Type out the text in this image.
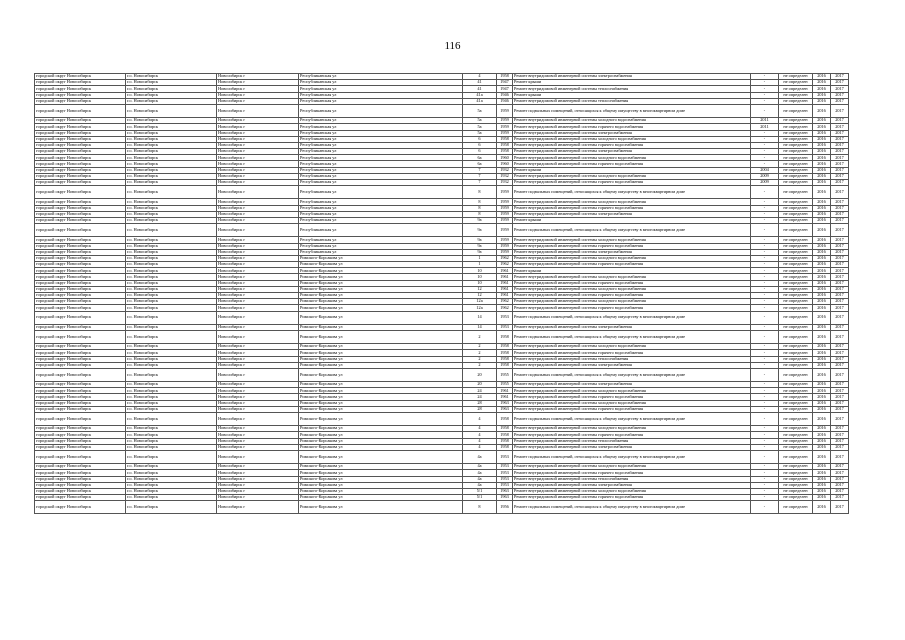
116
городской округ Новосибирск	г.о. Новосибирск	Новосибирск г	Республиканская ул	4	1958	Ремонт внутридомовой инженерной системы электроснабжения	-	не определен	2016	2017
городской округ Новосибирск	г.о. Новосибирск	Новосибирск г	Республиканская ул	41	1947	Ремонт крыши	-	не определен	2016	2017
городской округ Новосибирск	г.о. Новосибирск	Новосибирск г	Республиканская ул	41	1947	Ремонт внутридомовой инженерной системы теплоснабжения	-	не определен	2016	2017
городской округ Новосибирск	г.о. Новосибирск	Новосибирск г	Республиканская ул	41а	1946	Ремонт крыши	-	не определен	2016	2017
городской округ Новосибирск	г.о. Новосибирск	Новосибирск г	Республиканская ул	41а	1946	Ремонт внутридомовой инженерной системы теплоснабжения	-	не определен	2016	2017
городской округ Новосибирск	г.о. Новосибирск	Новосибирск г	Республиканская ул	5а	1959	Ремонт подвальных помещений, относящихся к общему имуществу в многоквартирном доме	-	не определен	2016	2017
городской округ Новосибирск	г.о. Новосибирск	Новосибирск г	Республиканская ул	5а	1959	Ремонт внутридомовой инженерной системы холодного водоснабжения	2011	не определен	2016	2017
городской округ Новосибирск	г.о. Новосибирск	Новосибирск г	Республиканская ул	5а	1959	Ремонт внутридомовой инженерной системы горячего водоснабжения	2011	не определен	2016	2017
городской округ Новосибирск	г.о. Новосибирск	Новосибирск г	Республиканская ул	5а	1959	Ремонт внутридомовой инженерной системы электроснабжения	-	не определен	2016	2017
городской округ Новосибирск	г.о. Новосибирск	Новосибирск г	Республиканская ул	6	1958	Ремонт внутридомовой инженерной системы холодного водоснабжения	-	не определен	2016	2017
городской округ Новосибирск	г.о. Новосибирск	Новосибирск г	Республиканская ул	6	1958	Ремонт внутридомовой инженерной системы горячего водоснабжения	-	не определен	2016	2017
городской округ Новосибирск	г.о. Новосибирск	Новосибирск г	Республиканская ул	6	1958	Ремонт внутридомовой инженерной системы электроснабжения	-	не определен	2016	2017
городской округ Новосибирск	г.о. Новосибирск	Новосибирск г	Республиканская ул	6а	1960	Ремонт внутридомовой инженерной системы холодного водоснабжения	-	не определен	2016	2017
городской округ Новосибирск	г.о. Новосибирск	Новосибирск г	Республиканская ул	6а	1960	Ремонт внутридомовой инженерной системы горячего водоснабжения	-	не определен	2016	2017
городской округ Новосибирск	г.о. Новосибирск	Новосибирск г	Республиканская ул	7	1932	Ремонт крыши	2004	не определен	2016	2017
городской округ Новосибирск	г.о. Новосибирск	Новосибирск г	Республиканская ул	7	1932	Ремонт внутридомовой инженерной системы холодного водоснабжения	2009	не определен	2016	2017
городской округ Новосибирск	г.о. Новосибирск	Новосибирск г	Республиканская ул	7	1932	Ремонт внутридомовой инженерной системы горячего водоснабжения	2009	не определен	2016	2017
городской округ Новосибирск	г.о. Новосибирск	Новосибирск г	Республиканская ул	8	1959	Ремонт подвальных помещений, относящихся к общему имуществу в многоквартирном доме	-	не определен	2016	2017
городской округ Новосибирск	г.о. Новосибирск	Новосибирск г	Республиканская ул	8	1959	Ремонт внутридомовой инженерной системы холодного водоснабжения	-	не определен	2016	2017
городской округ Новосибирск	г.о. Новосибирск	Новосибирск г	Республиканская ул	8	1959	Ремонт внутридомовой инженерной системы горячего водоснабжения	-	не определен	2016	2017
городской округ Новосибирск	г.о. Новосибирск	Новосибирск г	Республиканская ул	8	1959	Ремонт внутридомовой инженерной системы электроснабжения	-	не определен	2016	2017
городской округ Новосибирск	г.о. Новосибирск	Новосибирск г	Республиканская ул	9а	1959	Ремонт крыши	-	не определен	2016	2017
городской округ Новосибирск	г.о. Новосибирск	Новосибирск г	Республиканская ул	9а	1959	Ремонт подвальных помещений, относящихся к общему имуществу в многоквартирном доме	-	не определен	2016	2017
городской округ Новосибирск	г.о. Новосибирск	Новосибирск г	Республиканская ул	9а	1959	Ремонт внутридомовой инженерной системы холодного водоснабжения	-	не определен	2016	2017
городской округ Новосибирск	г.о. Новосибирск	Новосибирск г	Республиканская ул	9а	1959	Ремонт внутридомовой инженерной системы горячего водоснабжения	-	не определен	2016	2017
городской округ Новосибирск	г.о. Новосибирск	Новосибирск г	Республиканская ул	9а	1959	Ремонт внутридомовой инженерной системы электроснабжения	-	не определен	2016	2017
городской округ Новосибирск	г.о. Новосибирск	Новосибирск г	Римского-Корсакова ул	1	1962	Ремонт внутридомовой инженерной системы холодного водоснабжения	-	не определен	2016	2017
городской округ Новосибирск	г.о. Новосибирск	Новосибирск г	Римского-Корсакова ул	1	1962	Ремонт внутридомовой инженерной системы горячего водоснабжения	-	не определен	2016	2017
городской округ Новосибирск	г.о. Новосибирск	Новосибирск г	Римского-Корсакова ул	10	1961	Ремонт крыши	-	не определен	2016	2017
городской округ Новосибирск	г.о. Новосибирск	Новосибирск г	Римского-Корсакова ул	10	1961	Ремонт внутридомовой инженерной системы холодного водоснабжения	-	не определен	2016	2017
городской округ Новосибирск	г.о. Новосибирск	Новосибирск г	Римского-Корсакова ул	10	1961	Ремонт внутридомовой инженерной системы горячего водоснабжения	-	не определен	2016	2017
городской округ Новосибирск	г.о. Новосибирск	Новосибирск г	Римского-Корсакова ул	12	1961	Ремонт внутридомовой инженерной системы холодного водоснабжения	-	не определен	2016	2017
городской округ Новосибирск	г.о. Новосибирск	Новосибирск г	Римского-Корсакова ул	12	1961	Ремонт внутридомовой инженерной системы горячего водоснабжения	-	не определен	2016	2017
городской округ Новосибирск	г.о. Новосибирск	Новосибирск г	Римского-Корсакова ул	12а	1962	Ремонт внутридомовой инженерной системы холодного водоснабжения	-	не определен	2016	2017
городской округ Новосибирск	г.о. Новосибирск	Новосибирск г	Римского-Корсакова ул	12а	1962	Ремонт внутридомовой инженерной системы горячего водоснабжения	-	не определен	2016	2017
городской округ Новосибирск	г.о. Новосибирск	Новосибирск г	Римского-Корсакова ул	14	1953	Ремонт подвальных помещений, относящихся к общему имуществу в многоквартирном доме	-	не определен	2016	2017
городской округ Новосибирск	г.о. Новосибирск	Новосибирск г	Римского-Корсакова ул	14	1953	Ремонт внутридомовой инженерной системы электроснабжения	-	не определен	2016	2017
городской округ Новосибирск	г.о. Новосибирск	Новосибирск г	Римского-Корсакова ул	2	1958	Ремонт подвальных помещений, относящихся к общему имуществу в многоквартирном доме	-	не определен	2016	2017
городской округ Новосибирск	г.о. Новосибирск	Новосибирск г	Римского-Корсакова ул	2	1958	Ремонт внутридомовой инженерной системы холодного водоснабжения	-	не определен	2016	2017
городской округ Новосибирск	г.о. Новосибирск	Новосибирск г	Римского-Корсакова ул	2	1958	Ремонт внутридомовой инженерной системы горячего водоснабжения	-	не определен	2016	2017
городской округ Новосибирск	г.о. Новосибирск	Новосибирск г	Римского-Корсакова ул	2	1958	Ремонт внутридомовой инженерной системы теплоснабжения	-	не определен	2016	2017
городской округ Новосибирск	г.о. Новосибирск	Новосибирск г	Римского-Корсакова ул	2	1958	Ремонт внутридомовой инженерной системы электроснабжения	-	не определен	2016	2017
городской округ Новосибирск	г.о. Новосибирск	Новосибирск г	Римского-Корсакова ул	20	1955	Ремонт подвальных помещений, относящихся к общему имуществу в многоквартирном доме	-	не определен	2016	2017
городской округ Новосибирск	г.о. Новосибирск	Новосибирск г	Римского-Корсакова ул	20	1955	Ремонт внутридомовой инженерной системы электроснабжения	-	не определен	2016	2017
городской округ Новосибирск	г.о. Новосибирск	Новосибирск г	Римского-Корсакова ул	24	1961	Ремонт внутридомовой инженерной системы холодного водоснабжения	-	не определен	2016	2017
городской округ Новосибирск	г.о. Новосибирск	Новосибирск г	Римского-Корсакова ул	24	1961	Ремонт внутридомовой инженерной системы горячего водоснабжения	-	не определен	2016	2017
городской округ Новосибирск	г.о. Новосибирск	Новосибирск г	Римского-Корсакова ул	28	1963	Ремонт внутридомовой инженерной системы холодного водоснабжения	-	не определен	2016	2017
городской округ Новосибирск	г.о. Новосибирск	Новосибирск г	Римского-Корсакова ул	28	1963	Ремонт внутридомовой инженерной системы горячего водоснабжения	-	не определен	2016	2017
городской округ Новосибирск	г.о. Новосибирск	Новосибирск г	Римского-Корсакова ул	4	1958	Ремонт подвальных помещений, относящихся к общему имуществу в многоквартирном доме	-	не определен	2016	2017
городской округ Новосибирск	г.о. Новосибирск	Новосибирск г	Римского-Корсакова ул	4	1958	Ремонт внутридомовой инженерной системы холодного водоснабжения	-	не определен	2016	2017
городской округ Новосибирск	г.о. Новосибирск	Новосибирск г	Римского-Корсакова ул	4	1958	Ремонт внутридомовой инженерной системы горячего водоснабжения	-	не определен	2016	2017
городской округ Новосибирск	г.о. Новосибирск	Новосибирск г	Римского-Корсакова ул	4	1958	Ремонт внутридомовой инженерной системы теплоснабжения	-	не определен	2016	2017
городской округ Новосибирск	г.о. Новосибирск	Новосибирск г	Римского-Корсакова ул	4	1958	Ремонт внутридомовой инженерной системы электроснабжения	-	не определен	2016	2017
городской округ Новосибирск	г.о. Новосибирск	Новосибирск г	Римского-Корсакова ул	4а	1953	Ремонт подвальных помещений, относящихся к общему имуществу в многоквартирном доме	-	не определен	2016	2017
городской округ Новосибирск	г.о. Новосибирск	Новосибирск г	Римского-Корсакова ул	4а	1953	Ремонт внутридомовой инженерной системы холодного водоснабжения	-	не определен	2016	2017
городской округ Новосибирск	г.о. Новосибирск	Новосибирск г	Римского-Корсакова ул	4а	1953	Ремонт внутридомовой инженерной системы горячего водоснабжения	-	не определен	2016	2017
городской округ Новосибирск	г.о. Новосибирск	Новосибирск г	Римского-Корсакова ул	4а	1953	Ремонт внутридомовой инженерной системы теплоснабжения	-	не определен	2016	2017
городской округ Новосибирск	г.о. Новосибирск	Новосибирск г	Римского-Корсакова ул	4а	1953	Ремонт внутридомовой инженерной системы электроснабжения	-	не определен	2016	2017
городской округ Новосибирск	г.о. Новосибирск	Новосибирск г	Римского-Корсакова ул	5/1	1963	Ремонт внутридомовой инженерной системы холодного водоснабжения	-	не определен	2016	2017
городской округ Новосибирск	г.о. Новосибирск	Новосибирск г	Римского-Корсакова ул	5/1	1963	Ремонт внутридомовой инженерной системы горячего водоснабжения	-	не определен	2016	2017
городской округ Новосибирск	г.о. Новосибирск	Новосибирск г	Римского-Корсакова ул	8	1956	Ремонт подвальных помещений, относящихся к общему имуществу в многоквартирном доме	-	не определен	2016	2017
